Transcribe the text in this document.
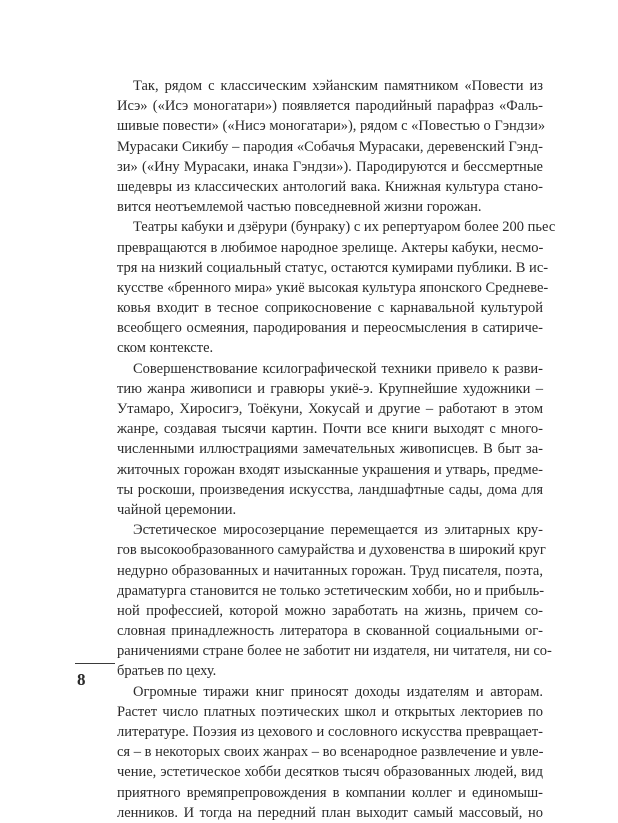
Так, рядом с классическим хэйанским памятником «Повести из
Исэ» («Исэ моногатари») появляется пародийный парафраз «Фаль-
шивые повести» («Нисэ моногатари»), рядом с «Повестью о Гэндзи»
Мурасаки Сикибу – пародия «Собачья Мурасаки, деревенский Гэнд-
зи» («Ину Мурасаки, инака Гэндзи»). Пародируются и бессмертные
шедевры из классических антологий вака. Книжная культура стано-
вится неотъемлемой частью повседневной жизни горожан.
Театры кабуки и дзёрури (бунраку) с их репертуаром более 200 пьес
превращаются в любимое народное зрелище. Актеры кабуки, несмо-
тря на низкий социальный статус, остаются кумирами публики. В ис-
кусстве «бренного мира» укиё высокая культура японского Средневе-
ковья входит в тесное соприкосновение с карнавальной культурой
всеобщего осмеяния, пародирования и переосмысления в сатириче-
ском контексте.
Совершенствование ксилографической техники привело к разви-
тию жанра живописи и гравюры укиё-э. Крупнейшие художники –
Утамаро, Хиросигэ, Тоёкуни, Хокусай и другие – работают в этом
жанре, создавая тысячи картин. Почти все книги выходят с много-
численными иллюстрациями замечательных живописцев. В быт за-
житочных горожан входят изысканные украшения и утварь, предме-
ты роскоши, произведения искусства, ландшафтные сады, дома для
чайной церемонии.
Эстетическое миросозерцание перемещается из элитарных кру-
гов высокообразованного самурайства и духовенства в широкий круг
недурно образованных и начитанных горожан. Труд писателя, поэта,
драматурга становится не только эстетическим хобби, но и прибыль-
ной профессией, которой можно заработать на жизнь, причем со-
словная принадлежность литератора в скованной социальными ог-
раничениями стране более не заботит ни издателя, ни читателя, ни со-
братьев по цеху.
Огромные тиражи книг приносят доходы издателям и авторам.
Растет число платных поэтических школ и открытых лекториев по
литературе. Поэзия из цехового и сословного искусства превращает-
ся – в некоторых своих жанрах – во всенародное развлечение и увле-
чение, эстетическое хобби десятков тысяч образованных людей, вид
приятного времяпрепровождения в компании коллег и единомыш-
ленников. И тогда на передний план выходит самый массовый, но
8
